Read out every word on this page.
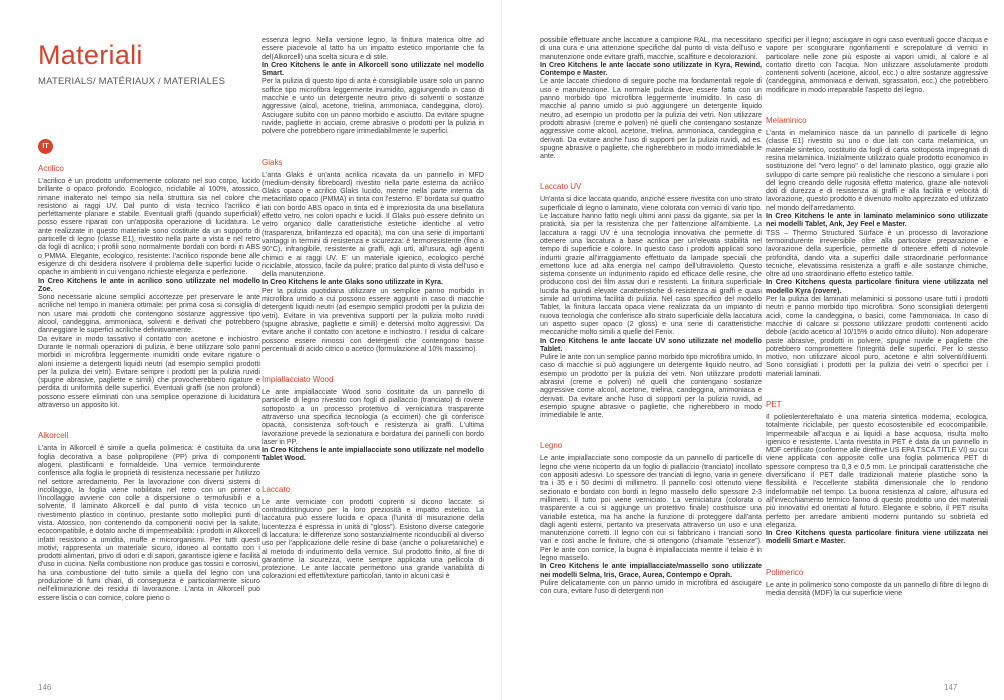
Materiali
MATERIALS/ MATÉRIAUX / MATERIALES
IT

Acrilico

L'acrilico è un prodotto uniformemente colorato nel suo corpo, lucido brillante o opaco profondo. Ecologico, riciclabile al 100%, atossico, rimane inalterato nel tempo sia nella struttura sia nel colore che resistono ai raggi UV. Dal punto di vista tecnico l'acrilico è perfettamente planare e stabile. Eventuali graffi (quando superficiali) posso essere riparati con un'apposita operazione di lucidatura. Le ante realizzate in questo materiale sono costituite da un supporto di particelle di legno (classe E1), rivestito nella parte a vista e nel retro da fogli di acrilico; i profili sono normalmente bordati con bordi in ABS o PMMA. Elegante, ecologico, resistente: l'acrilico risponde bene alle esigenze di chi desidera risolvere il problema delle superfici lucide o opache in ambienti in cui vengano richieste eleganza e perfezione.

In Creo Kitchens le ante in acrilico sono utilizzate nel modello Zoe.

Sono necessarie alcune semplici accortezze per preservare le ante acriliche nel tempo in maniera ottimale: per prima cosa si consiglia di non usare mai prodotti che contengono sostanze aggressive tipo alcool, candeggina, ammoniaca, solventi e derivati che potrebbero danneggiare le superfici acriliche definitivamente.

Da evitare in modo tassativo il contatto con acetone e inchiostro. Durante le normali operazioni di pulizia, è bene utilizzare solo panni morbidi in microfibra leggermente inumiditi onde evitare rigature o aloni insieme a detergenti liquidi neutri (ad esempio semplici prodotti per la pulizia dei vetri). Evitare sempre i prodotti per la pulizia ruvidi (spugne abrasive, pagliette e simili) che provocherebbero rigature e perdita di uniformità delle superfici. Eventuali graffi (se non profondi) possono essere eliminati con una semplice operazione di lucidatura attraverso un apposito kit.

Alkorcell

L'anta in Alkorcell è simile a quella polimerica: è costituita da una foglia decorativa a base polipropilene (PP) priva di componenti alogeni, plastificanti e formaldeide. Una vernice termoindurente conferisce alla foglia le proprietà di resistenza necessarie per l'utilizzo nel settore arredamento. Per la lavorazione con diversi sistemi di incollaggio, la foglia viene nobilitata nel retro con un primer o l'incollaggio avviene con colle a dispersione o termofusibili e a solvente. Il laminato Alkorcell è dal punto di vista tecnico un rivestimento plastico in continuo, prestante sotto molteplici punti di vista. Atossico, non contenendo da componenti nocivi per la salute, ecocompatibile, è dotato anche di impermeabilità: i prodotti in Alkorcell infatti resistono a umidità, muffe e microrganismi. Per tutti questi motivi, rappresenta un materiale sicuro, idoneo al contatto con i prodotti alimentari, privo di odori e di sapori, garantisce igiene e facilità d'uso in cucina. Nella combustione non produce gas tossici e corrosivi, ha una combustione del tutto simile a quella del legno con una produzione di fumi chiari, di consegueza è particolarmente sicuro nell'eliminazione dei residui di lavorazione. L'anta in Alkorcell può essere liscia o con cornice, colore pieno o

essenza legno. Nella versione legno, la finitura materica oltre ad essere piacevole al tatto ha un impatto estetico importante che fa del(Alkorcell) una scelta sicura e di stile.

In Creo Kitchens le ante in Alkorcell sono utilizzate nel modello Smart.

Per la pulizia di questo tipo di anta è consigliabile usare solo un panno soffice tipo microfibra leggermente inumidito, aggiungendo in caso di macchie e unto un detergente neutro privo di solventi o sostanze aggressive (alcol, acetone, trielina, ammoniaca, candeggina, cloro). Asciugare subito con un panno morbido e asciutto. Da evitare spugne ruvide, pagliette in acciaio, creme abrasive o prodotti per la pulizia in polvere che potrebbero rigare irrimediabilmente le superfici.

Glaks

L'anta Glaks è un'anta acrilica ricavata da un pannello in MFD (medium-density fibreboard) rivestito nella parte esterna da acrilico Glaks opaco e acrilico Glaks lucido, mentre nella parte interna da metacrilato opaco (PMMA) in tinta con l'esterno. E' bordata sui quattro lati con bordo ABS opaco in tinta ed è impreziosita da una bisellatura effetto vetro, nei colori opachi e lucidi. Il Glaks può essere definito un vetro organico dalle caratteristiche estetiche identiche al vetro (trasparenza, brillantezza ed opacità), ma con una serie di importanti vantaggi in termini di resistenza e sicurezza: è termoresistente (fino a 90°C), infrangibile, resistente ai graffi, agli urti, all'usura, agli agenti chimici e ai raggi UV. E' un materiale igienico, ecologico perché riciclabile, atossico, facile da pulire; pratico dal punto di vista dell'uso e della manutenzione.

In Creo Kitchens le ante Glaks sono utilizzate in Kyra.

Per la pulizia quotidiana utilizzare un semplice panno morbido in microfibra umido a cui possono essere aggiunti in caso di macchie detergenti liquidi neutri (ad esempio semplici prodotti per la pulizia dei vetri). Evitare in via preventiva supporti per la pulizia molto ruvidi (spugne abrasive, pagliette e simili) e detersivi molto aggressivi. Da evitare anche il contatto con acetone e inchiostro. I residui di calcare possono essere rimossi con detergenti che contengono basse percentuali di acido citrico o acetico (formulazione al 10% massimo).

Impiallacciato Wood

Le ante impiallacciate Wood sono costituite da un pannello di particelle di legno rivestito con fogli di piallaccio (tranciato) di rovere sottoposto a un processo protettivo di verniciatura trasparente attraverso una specifica tecnologia (a eccimeri) che gli conferisce opacità, consistenza soft-touch e resistenza ai graffi. L'ultima lavorazione prevede la sezionatura e bordatura dei pannelli con bordo laser in PP.

In Creo Kitchens le ante impiallacciate sono utilizzate nel modello Tablet Wood.

Laccato

Le ante verniciate con prodotti coprenti si dicono laccate: si contraddistinguono per la loro preziosità e impatto estetico. La laccatura può essere lucida e opaca (l'unità di misurazione della lucentezza è espressa in unità di "gloss"). Esistono diverse categorie di laccatura: le differenze sono sostanzialmente riconducibili al diverso uso per l'applicazione delle resine di base (anche o poliuretaniche) e al metodo di indurimento della vernice. Sul prodotto finito, al fine di garantirne la sicurezza, viene sempre applicata una pellicola di protezione. Le ante laccate permettono una grande variabilità di colorazioni ed effetti/texture particolari, tanto in alcuni casi è

146	147

possibile effettuare anche laccature a campione RAL, ma necessitano di una cura e una attenzione specifiche dal punto di vista dell'uso e manutenzione onde evitare graffi, macchie, scalfiture e decolorazioni.

In Creo Kitchens le ante laccate sono utilizzate in Kyra, Rewind, Contempo e Master.

Le ante laccate chiedono di seguire poche ma fondamentali regole di uso e manutenzione. La normale pulizia deve essere fatta con un panno morbido tipo microfibra leggermente inumidito. In caso di macchie al panno umido si può aggiungere un detergente liquido neutro, ad esempio un prodotto per la pulizia dei vetri. Non utilizzare prodotti abrasivi (creme e polveri) né quelli che contengano sostanze aggressive come alcool, acetone, trielina, ammoniaca, candeggina e derivati. Da evitare anche l'uso di supporti per la pulizia ruvidi, ad es. spugne abrasive o pagliette, che righerebbero in modo irrimediabile le ante.

Laccato UV

Un'anta si dice laccata quando, anziché essere rivestita con uno strato superficiale di legno o laminato, viene colorata con vernici di vario tipo. Le laccature hanno fatto negli ultimi anni passi da gigante, sia per la praticità, sia per la resistenza che per l'attenzione all'ambiente. La laccatura a raggi UV è una tecnologia innovativa che permette di ottenere una laccatura a base acrilica per un'elevata stabilità nel tempo di superficie e colore. In questo caso i prodotti applicati sono induriti grazie all'irraggiamento effettuato da lampade speciali che emettono luce ad alta energia nel campo dell'ultravioletto. Questo sistema consente un indurimento rapido ed efficace delle resine, che producono così dei film assai duri e resistenti. La finitura superficiale lucida ha quindi elevate caratteristiche di resistenza ai graffi e quasi simile ad un'ottima facilità di pulizia. Nel caso specifico del modello Tablet, la finitura laccata opaca viene realizzata da un impianto di nuova tecnologia che conferisce allo strato superficiale della laccatura un aspetto super opaco (2 gloss) e una serie di caratteristiche meccaniche molto simili a quelle del Fenix.

In Creo Kitchens le ante laccate UV sono utilizzate nel modello Tablet.

Pulire le ante con un semplice panno morbido tipo microfibra umido. In caso di macchie si può aggiungere un detergente liquido neutro, ad esempio un prodotto per la pulizia dei vetri. Non utilizzare prodotti abrasivi (creme e polveri) né quelli che contengano sostanze aggressive come alcool, acetone, trielina, candeggina, ammoniaca e derivati. Da evitare anche l'uso di supporti per la pulizia ruvidi, ad esempio spugne abrasive o pagliette, che righerebbero in modo irrimediabile le ante.

Legno

Le ante impiallacciate sono composte da un pannello di particelle di legno che viene ricoperto da un foglio di piallaccio (tranciato) incollato con appositi adesivi. Lo spessore dei tranciati di legno, varia in genere tra i 35 e i 50 decimi di millimetro. Il pannello così ottenuto viene sezionato e bordato con bordi in legno massello dello spessore 2-3 millimetri. Il tutto poi viene verniciato. La verniciatura (colorata o trasparente a cui si aggiunge un protettivo finale) costituisce una variabile estetica, ma ha anche la funzione di proteggere dall'anta dagli agenti esterni, pertanto va preservata attraverso un uso e una manutenzione corretti. Il legno con cui si fabbricano i tranciati sono vari e così anche le finiture, che si ottengono (chiamate "essenze"). Per le ante con cornice, la bugna è impiallacciata mentre il telaio è in legno massello.

In Creo Kitchens le ante impiallacciate/massello sono utilizzate nei modelli Selma, Iris, Grace, Aurea, Contempo e Oprah.

Pulire delicatamente con un panno umido in microfibra ed asciugare con cura, evitare l'uso di detergenti non

specifici per il legno; asciugare in ogni caso eventuali gocce d'acqua e vapore per scongiurare rigonfiamenti e screpolature di vernici in particolare nelle zone più esposte ai vapori umidi, al calore e al contatto diretto con l'acqua. Non utilizzare assolutamente prodotti contenenti solventi (acetone, alcool, ecc.) o altre sostanze aggressive (candeggina, ammoniaca e derivati, sgrassatori, ecc.) che potrebbero modificare in modo irreparabile l'aspetto del legno.

Melaminico

L'anta in melaminico nasce da un pannello di particelle di legno (classe E1) rivestito su uno o due lati con carta melaminica, un materiale sintetico, costituito da fogli di carta sottoposta impregnati di resina melaminica. Inizialmente utilizzato quale prodotto economico in sostituzione del "vero legno" o del laminato plastico, oggi grazie allo sviluppo di carte sempre più realistiche che riescono a simulare i pori del legno creando delle rugosità effetto materico, grazie alle notevoli doti di durezza e di resistenza ai graffi e alla facilità e velocità di lavorazione, questo prodotto è divenuto molto apprezzato ed utilizzato nel mondo dell'arredamento.

In Creo Kitchens le ante in laminato melaminico sono utilizzate nei modelli Tablet, Ank, Jey Feel e Master.

TSS – Thermo Structured Surface è un processo di lavorazione termoindurente irreversibile oltre alla particolare preparazione e lavorazione della superficie, permette di ottenere effetti di notevole profondità, dando vita a superfici dalle straordinarie performance tecniche, elevatissima resistenza a graffi e alle sostanze chimiche, oltre ad uno straordinario effetto estetico tattile.

In Creo Kitchens questa particolare finitura viene utilizzata nel modello Kyra (rovere).

Per la pulizia dei laminati melaminici si possono usare tutti i prodotti neutri e panno morbido tipo microfibra. Sono sconsigliati detergenti acidi, come la candeggina, o basici, come l'ammoniaca. In caso di macchie di calcare si possono utilizzare prodotti contenenti acido debole (acido acetico al 10/15% o acido citrico diluito). Non adoperare paste abrasive, prodotti in polvere, spugne ruvide e pagliette che potrebbero compromettere l'integrità delle superfici. Per lo stesso motivo, non utilizzare alcool puro, acetone e altri solventi/diluenti. Sono consigliati i prodotti per la pulizia dei vetri o specifici per i materiali laminati.

PET

Il polietilentereftalato è una materia sintetica moderna, ecologica, totalmente riciclabile, per questo ecosostenibile ed ecocompatibile. Impermeabile all'acqua e ai liquidi a base acquosa, risulta molto igienico e resistente. L'anta rivestita in PET è data da un pannello in MDF certificato (conforme alle direttive US EPA TSCA TITLE VI) su cui viene applicata con apposite colle una foglia polimerica PET di spessore compreso tra 0,3 e 0,5 mm. Le principali caratteristiche che diversificano il PET dalle tradizionali materie plastiche sono la flessibilità e l'eccellente stabilità dimensionale che lo rendono indeformabile nel tempo. La buona resistenza al calore, all'usura ed all'invecchiamento termico fanno di questo prodotto uno dei materiali più innovativi ed orientati al futuro. Elegante e sobrio, il PET risulta perfetto per arredare ambienti moderni puntando su sobrietà ed eleganza.

In Creo Kitchens questa particolare finitura viene utilizzata nei modelli Smart e Master.

Polimerico

Le ante in polimerico sono composte da un pannello di fibre di legno di media densità (MDF) la cui superficie viene
